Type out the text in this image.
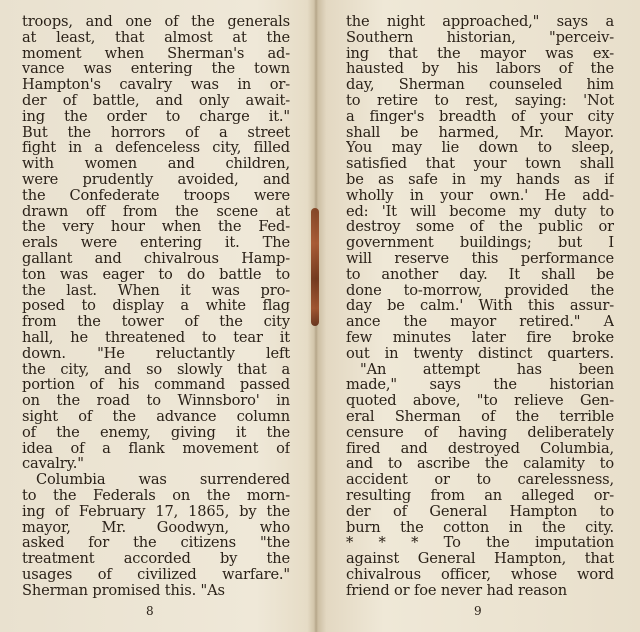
troops, and one of the generals
at least, that almost at the
moment when Sherman's ad-
vance was entering the town
Hampton's cavalry was in or-
der of battle, and only await-
ing the order to charge it."
But the horrors of a street
fight in a defenceless city, filled
with women and children,
were prudently avoided, and
the Confederate troops were
drawn off from the scene at
the very hour when the Fed-
erals were entering it. The
gallant and chivalrous Hamp-
ton was eager to do battle to
the last. When it was pro-
posed to display a white flag
from the tower of the city
hall, he threatened to tear it
down. "He reluctantly left
the city, and so slowly that a
portion of his command passed
on the road to Winnsboro' in
sight of the advance column
of the enemy, giving it the
idea of a flank movement of
cavalry."
Columbia was surrendered
to the Federals on the morn-
ing of February 17, 1865, by the
mayor, Mr. Goodwyn, who
asked for the citizens "the
treatment accorded by the
usages of civilized warfare."
Sherman promised this. "As
the night approached," says a
Southern historian, "perceiv-
ing that the mayor was ex-
hausted by his labors of the
day, Sherman counseled him
to retire to rest, saying: 'Not
a finger's breadth of your city
shall be harmed, Mr. Mayor.
You may lie down to sleep,
satisfied that your town shall
be as safe in my hands as if
wholly in your own.' He add-
ed: 'It will become my duty to
destroy some of the public or
government buildings; but I
will reserve this performance
to another day. It shall be
done to-morrow, provided the
day be calm.' With this assur-
ance the mayor retired." A
few minutes later fire broke
out in twenty distinct quarters.
"An attempt has been
made," says the historian
quoted above, "to relieve Gen-
eral Sherman of the terrible
censure of having deliberately
fired and destroyed Columbia,
and to ascribe the calamity to
accident or to carelessness,
resulting from an alleged or-
der of General Hampton to
burn the cotton in the city.
* * * To the imputation
against General Hampton, that
chivalrous officer, whose word
friend or foe never had reason
8	9
